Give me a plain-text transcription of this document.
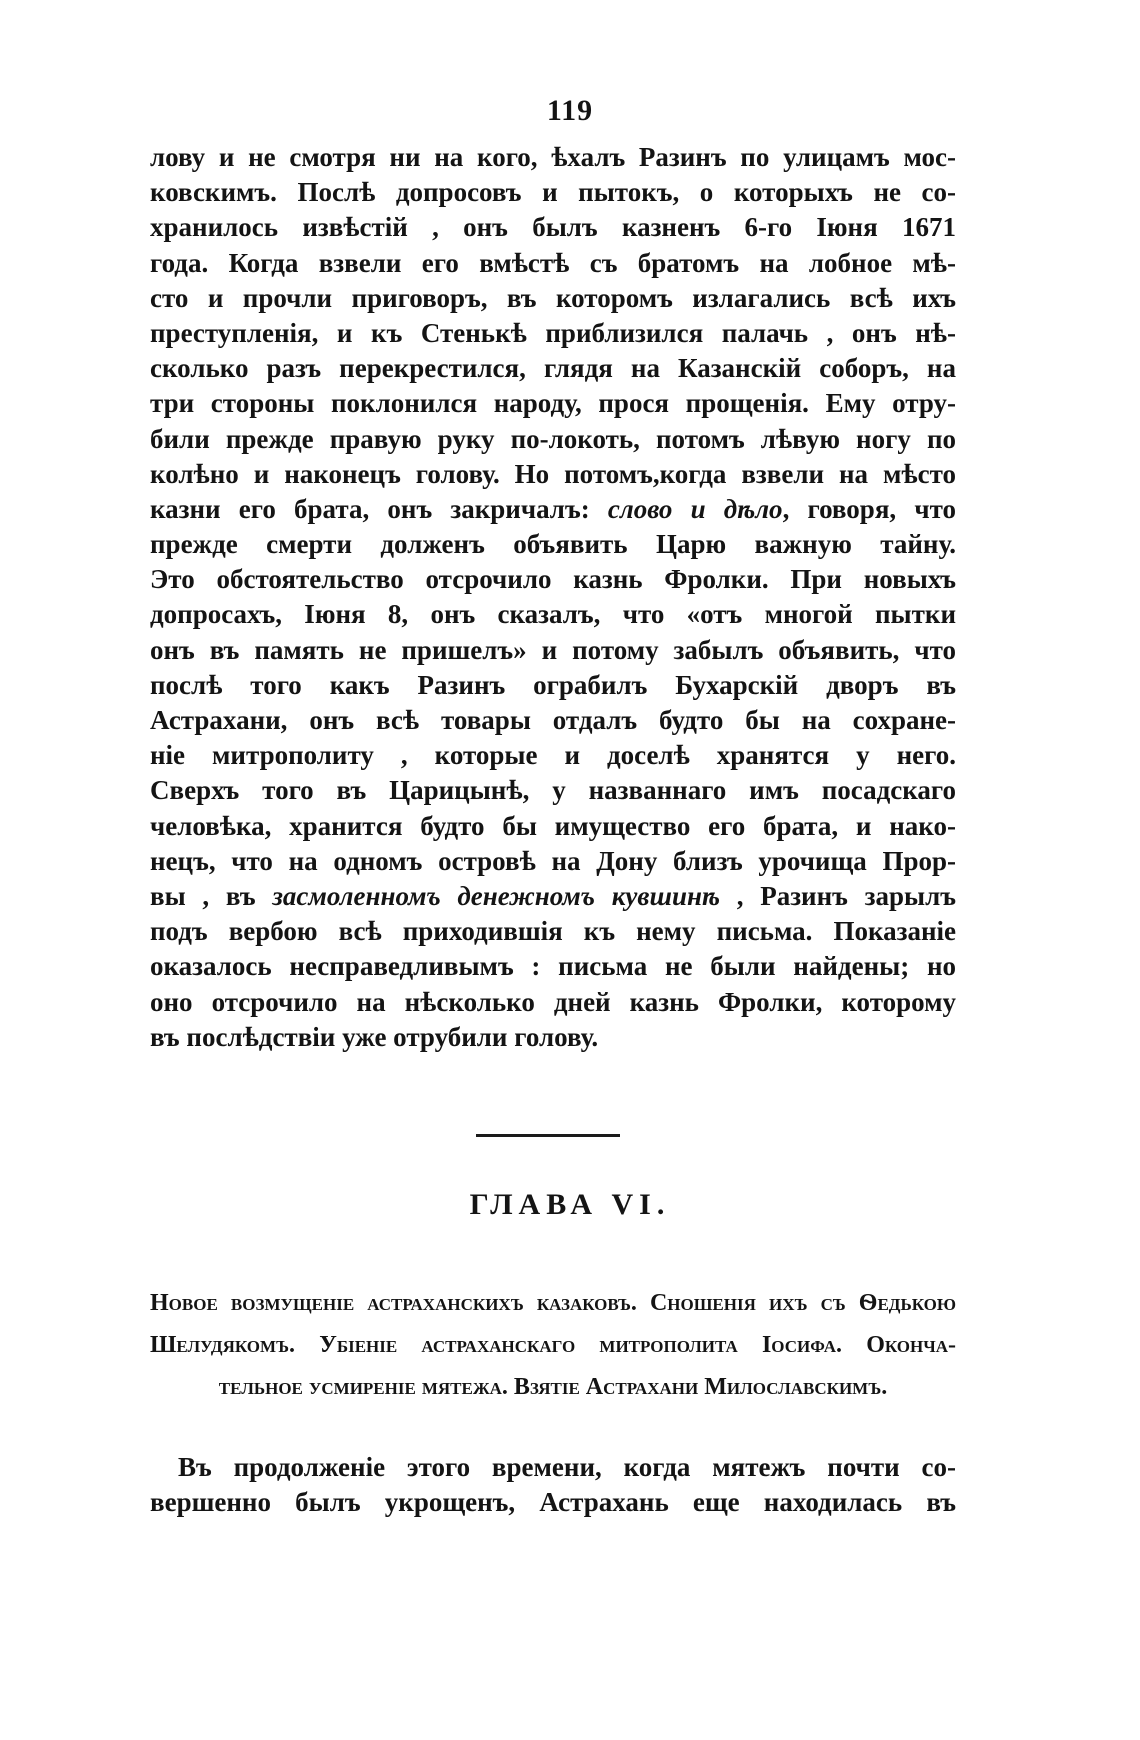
119
лову и не смотря ни на кого, ѣхалъ Разинъ по улицамъ мос-
ковскимъ. Послѣ допросовъ и пытокъ, о которыхъ не со-
хранилось извѣстій , онъ былъ казненъ 6-го Іюня 1671
года. Когда взвели его вмѣстѣ съ братомъ на лобное мѣ-
сто и прочли приговоръ, въ которомъ излагались всѣ ихъ
преступленія, и къ Стенькѣ приблизился палачь , онъ нѣ-
сколько разъ перекрестился, глядя на Казанскій соборъ, на
три стороны поклонился народу, прося прощенія. Ему отру-
били прежде правую руку по-локоть, потомъ лѣвую ногу по
колѣно и наконецъ голову. Но потомъ,когда взвели на мѣсто
казни его брата, онъ закричалъ: слово и дѣло, говоря, что
прежде смерти долженъ объявить Царю важную тайну.
Это обстоятельство отсрочило казнь Фролки. При новыхъ
допросахъ, Іюня 8, онъ сказалъ, что «отъ многой пытки
онъ въ память не пришелъ» и потому забылъ объявить, что
послѣ того какъ Разинъ ограбилъ Бухарскій дворъ въ
Астрахани, онъ всѣ товары отдалъ будто бы на сохране-
ніе митрополиту , которые и доселѣ хранятся у него.
Сверхъ того въ Царицынѣ, у названнаго имъ посадскаго
человѣка, хранится будто бы имущество его брата, и нако-
нецъ, что на одномъ островѣ на Дону близъ урочища Прор-
вы , въ засмоленномъ денежномъ кувшинѣ , Разинъ зарылъ
подъ вербою всѣ приходившія къ нему письма. Показаніе
оказалось несправедливымъ : письма не были найдены; но
оно отсрочило на нѣсколько дней казнь Фролки, которому
въ послѣдствіи уже отрубили голову.
ГЛАВА VI.
Новое возмущеніе астраханскихъ казаковъ. Сношенія ихъ съ Ѳедькою
Шелудякомъ. Убіеніе астраханскаго митрополита Іосифа. Оконча-
тельное усмиреніе мятежа. Взятіе Астрахани Милославскимъ.
Въ продолженіе этого времени, когда мятежъ почти со-
вершенно былъ укрощенъ, Астрахань еще находилась въ
